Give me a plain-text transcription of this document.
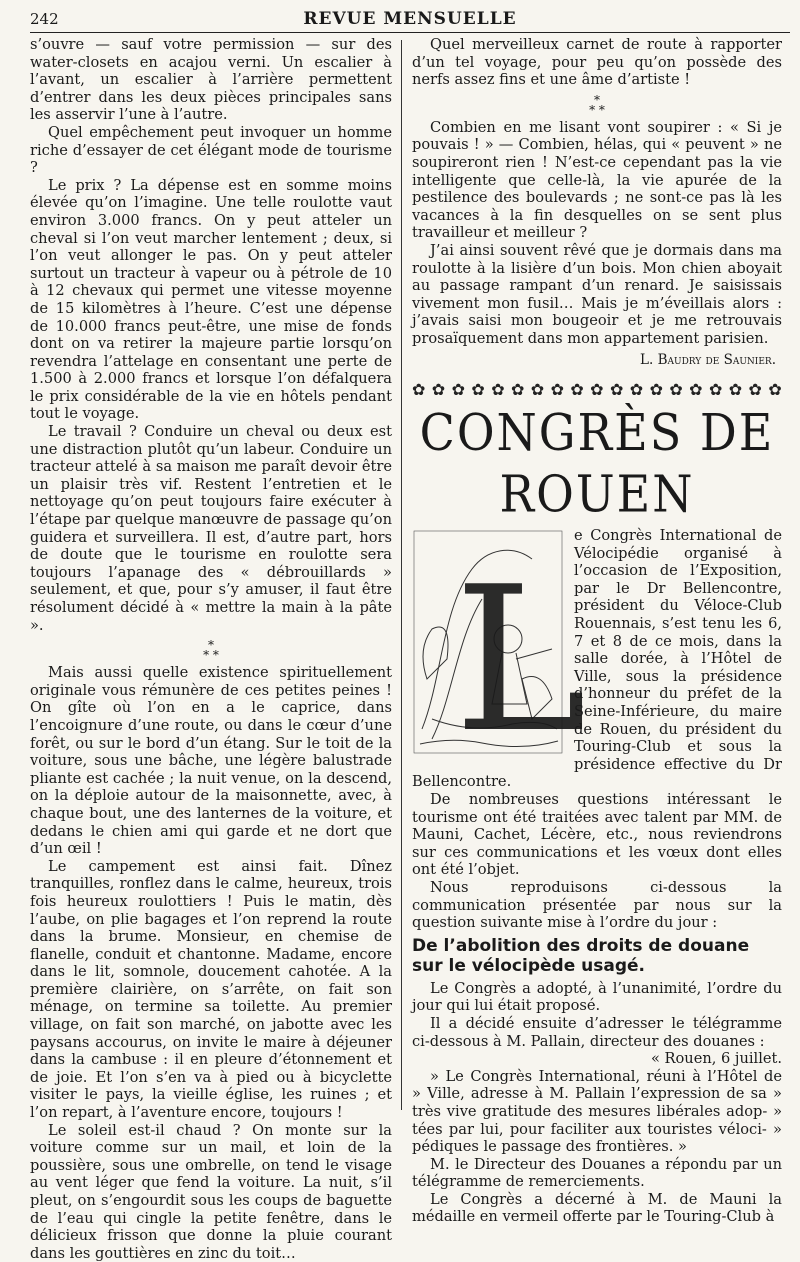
242	REVUE MENSUELLE

s’ouvre — sauf votre permission — sur des water-closets en acajou verni. Un escalier à l’avant, un escalier à l’arrière permettent d’entrer dans les deux pièces principales sans les asservir l’une à l’autre.

Quel empêchement peut invoquer un homme riche d’essayer de cet élégant mode de tourisme ?

Le prix ? La dépense est en somme moins élevée qu’on l’imagine. Une telle roulotte vaut environ 3.000 francs. On y peut atteler un cheval si l’on veut marcher lentement ; deux, si l’on veut allonger le pas. On y peut atteler surtout un tracteur à vapeur ou à pétrole de 10 à 12 chevaux qui permet une vitesse moyenne de 15 kilomètres à l’heure. C’est une dépense de 10.000 francs peut-être, une mise de fonds dont on va retirer la majeure partie lorsqu’on revendra l’attelage en consentant une perte de 1.500 à 2.000 francs et lorsque l’on défalquera le prix considérable de la vie en hôtels pendant tout le voyage.

Le travail ? Conduire un cheval ou deux est une distraction plutôt qu’un labeur. Conduire un tracteur attelé à sa maison me paraît devoir être un plaisir très vif. Restent l’entretien et le nettoyage qu’on peut toujours faire exécuter à l’étape par quelque manœuvre de passage qu’on guidera et surveillera. Il est, d’autre part, hors de doute que le tourisme en roulotte sera toujours l’apanage des « débrouillards » seulement, et que, pour s’y amuser, il faut être résolument décidé à « mettre la main à la pâte ».

*
* *

Mais aussi quelle existence spirituellement originale vous rémunère de ces petites peines ! On gîte où l’on en a le caprice, dans l’encoignure d’une route, ou dans le cœur d’une forêt, ou sur le bord d’un étang. Sur le toit de la voiture, sous une bâche, une légère balustrade pliante est cachée ; la nuit venue, on la descend, on la déploie autour de la maisonnette, avec, à chaque bout, une des lanternes de la voiture, et dedans le chien ami qui garde et ne dort que d’un œil !

Le campement est ainsi fait. Dînez tranquilles, ronflez dans le calme, heureux, trois fois heureux roulottiers ! Puis le matin, dès l’aube, on plie bagages et l’on reprend la route dans la brume. Monsieur, en chemise de flanelle, conduit et chantonne. Madame, encore dans le lit, somnole, doucement cahotée. A la première clairière, on s’arrête, on fait son ménage, on termine sa toilette. Au premier village, on fait son marché, on jabotte avec les paysans accourus, on invite le maire à déjeuner dans la cambuse : il en pleure d’étonnement et de joie. Et l’on s’en va à pied ou à bicyclette visiter le pays, la vieille église, les ruines ; et l’on repart, à l’aventure encore, toujours !

Le soleil est-il chaud ? On monte sur la voiture comme sur un mail, et loin de la poussière, sous une ombrelle, on tend le visage au vent léger que fend la voiture. La nuit, s’il pleut, on s’engourdit sous les coups de baguette de l’eau qui cingle la petite fenêtre, dans le délicieux frisson que donne la pluie courant dans les gouttières en zinc du toit…

Quel merveilleux carnet de route à rapporter d’un tel voyage, pour peu qu’on possède des nerfs assez fins et une âme d’artiste !

*
* *

Combien en me lisant vont soupirer : « Si je pouvais ! » — Combien, hélas, qui « peuvent » ne soupireront rien ! N’est-ce cependant pas la vie intelligente que celle-là, la vie apurée de la pestilence des boulevards ; ne sont-ce pas là les vacances à la fin desquelles on se sent plus travailleur et meilleur ?

J’ai ainsi souvent rêvé que je dormais dans ma roulotte à la lisière d’un bois. Mon chien aboyait au passage rampant d’un renard. Je saisissais vivement mon fusil… Mais je m’éveillais alors : j’avais saisi mon bougeoir et je me retrouvais prosaïquement dans mon appartement parisien.

L. Baudry de Saunier.
✿ ✿ ✿ ✿ ✿ ✿ ✿ ✿ ✿ ✿ ✿ ✿ ✿ ✿ ✿ ✿ ✿ ✿ ✿
CONGRÈS DE ROUEN
L

e Congrès International de Vélocipédie organisé à l’occasion de l’Exposition, par le Dr Bellencontre, président du Véloce-Club Rouennais, s’est tenu les 6, 7 et 8 de ce mois, dans la salle dorée, à l’Hôtel de Ville, sous la présidence d’honneur du préfet de la Seine-Inférieure, du maire de Rouen, du président du Touring-Club et sous la présidence effective du Dr Bellencontre.

De nombreuses questions intéressant le tourisme ont été traitées avec talent par MM. de Mauni, Cachet, Lécère, etc., nous reviendrons sur ces communications et les vœux dont elles ont été l’objet.

Nous reproduisons ci-dessous la communication présentée par nous sur la question suivante mise à l’ordre du jour :

De l’abolition des droits de douane sur le vélocipède usagé.

Le Congrès a adopté, à l’unanimité, l’ordre du jour qui lui était proposé.

Il a décidé ensuite d’adresser le télégramme ci-dessous à M. Pallain, directeur des douanes :

« Rouen, 6 juillet.

» Le Congrès International, réuni à l’Hôtel de » Ville, adresse à M. Pallain l’expression de sa » très vive gratitude des mesures libérales adop- » tées par lui, pour faciliter aux touristes véloci- » pédiques le passage des frontières. »

M. le Directeur des Douanes a répondu par un télégramme de remerciements.

Le Congrès a décerné à M. de Mauni la médaille en vermeil offerte par le Touring-Club à
